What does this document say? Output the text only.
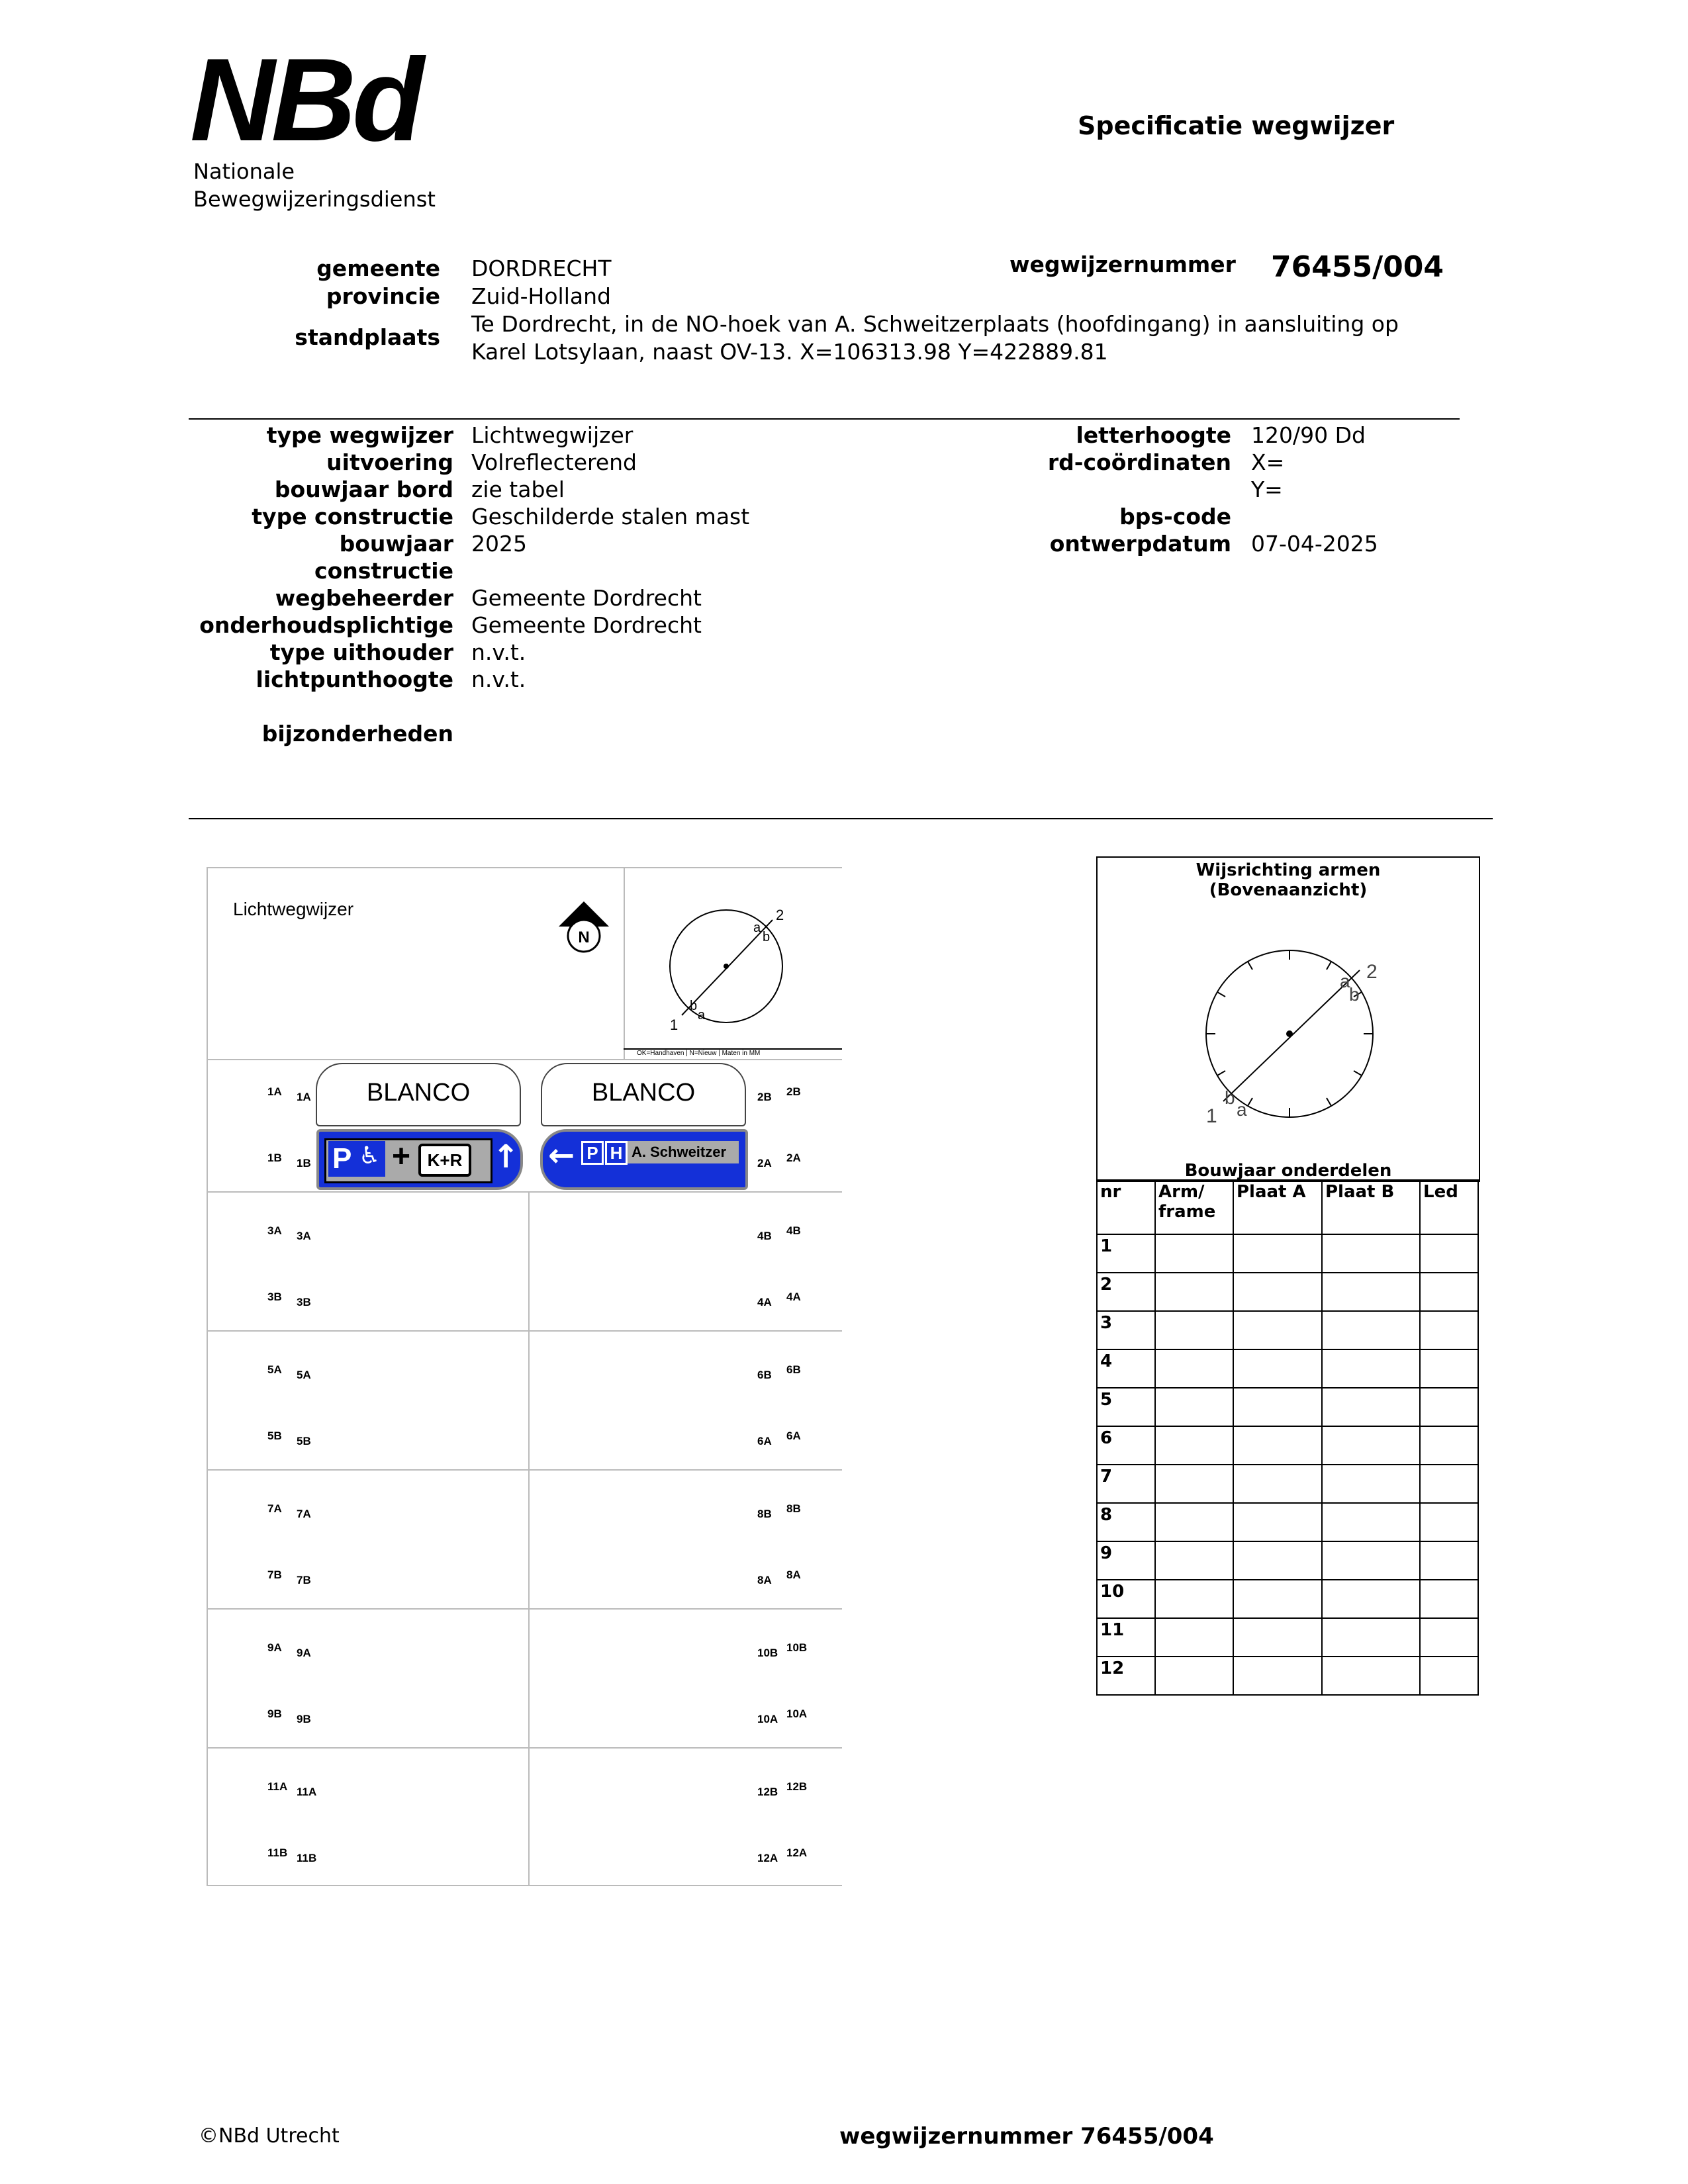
NBd
Nationale
Bewegwijzeringsdienst
Specificatie wegwijzer
gemeente DORDRECHT
provincie Zuid-Holland
standplaats
Te Dordrecht, in de NO-hoek van A. Schweitzerplaats (hoofdingang) in aansluiting op
Karel Lotsylaan, naast OV-13. X=106313.98 Y=422889.81
wegwijzernummer 76455/004
type wegwijzer Lichtwegwijzer
uitvoering Volreflecterend
bouwjaar bord zie tabel
type constructie Geschilderde stalen mast
bouwjaar 2025
constructie
wegbeheerder Gemeente Dordrecht
onderhoudsplichtige Gemeente Dordrecht
type uithouder n.v.t.
lichtpunthoogte n.v.t.
bijzonderheden
letterhoogte 120/90 Dd
rd-coördinaten X=
Y=
bps-code
ontwerpdatum 07-04-2025
Lichtwegwijzer
N
1
2
b
a
a
b
OK=Handhaven | N=Nieuw | Maten in MM
BLANCO	BLANCO
P ♿ + K+R ↑ ← P H A. Schweitzer
1A 1A
1B 1B
3A 3A
3B 3B
5A 5A
5B 5B
7A 7A
7B 7B
9A 9A
9B 9B
11A 11A
11B 11B
2B 2B
2A 2A
4B 4B
4A 4A
6B 6B
6A 6A
8B 8B
8A 8A
10B 10B
10A 10A
12B 12B
12A 12A
Wijsrichting armen
(Bovenaanzicht)
1
2
b
a
a
b
Bouwjaar onderdelen
nr	Arm/ frame	Plaat A	Plaat B	Led
1				
2				
3				
4				
5				
6				
7				
8				
9				
10				
11				
12				
©NBd Utrecht	wegwijzernummer 76455/004
